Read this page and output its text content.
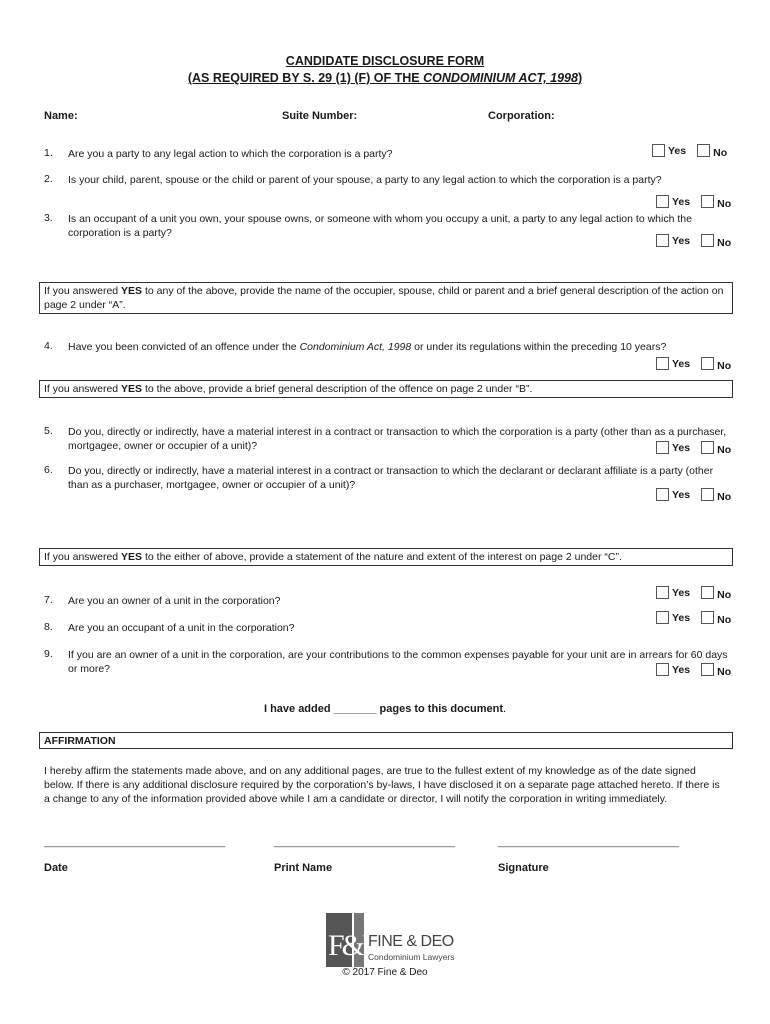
CANDIDATE DISCLOSURE FORM
(AS REQUIRED BY S. 29 (1) (F) OF THE CONDOMINIUM ACT, 1998)
Name:	Suite Number:	Corporation:
1. Are you a party to any legal action to which the corporation is a party?	Yes	No
2. Is your child, parent, spouse or the child or parent of your spouse, a party to any legal action to which the corporation is a party?
Yes	No
3. Is an occupant of a unit you own, your spouse owns, or someone with whom you occupy a unit, a party to any legal action to which the corporation is a party?
Yes	No
If you answered YES to any of the above, provide the name of the occupier, spouse, child or parent and a brief general description of the action on page 2 under “A”.
4. Have you been convicted of an offence under the Condominium Act, 1998 or under its regulations within the preceding 10 years?
Yes	No
If you answered YES to the above, provide a brief general description of the offence on page 2 under “B”.
5. Do you, directly or indirectly, have a material interest in a contract or transaction to which the corporation is a party (other than as a purchaser, mortgagee, owner or occupier of a unit)?	Yes	No
6. Do you, directly or indirectly, have a material interest in a contract or transaction to which the declarant or declarant affiliate is a party (other than as a purchaser, mortgagee, owner or occupier of a unit)?
Yes	No
If you answered YES to the either of above, provide a statement of the nature and extent of the interest on page 2 under “C”.
7. Are you an owner of a unit in the corporation?
Yes	No
8. Are you an occupant of a unit in the corporation?
Yes	No
9. If you are an owner of a unit in the corporation, are your contributions to the common expenses payable for your unit are in arrears for 60 days or more?	Yes	No
I have added _______ pages to this document.
AFFIRMATION
I hereby affirm the statements made above, and on any additional pages, are true to the fullest extent of my knowledge as of the date signed below. If there is any additional disclosure required by the corporation’s by-laws, I have disclosed it on a separate page attached hereto. If there is a change to any of the information provided above while I am a candidate or director, I will notify the corporation in writing immediately.
_______________________________	_______________________________	_______________________________
Date	Print Name	Signature
F&D
FINE & DEO
Condominium Lawyers
© 2017 Fine & Deo
